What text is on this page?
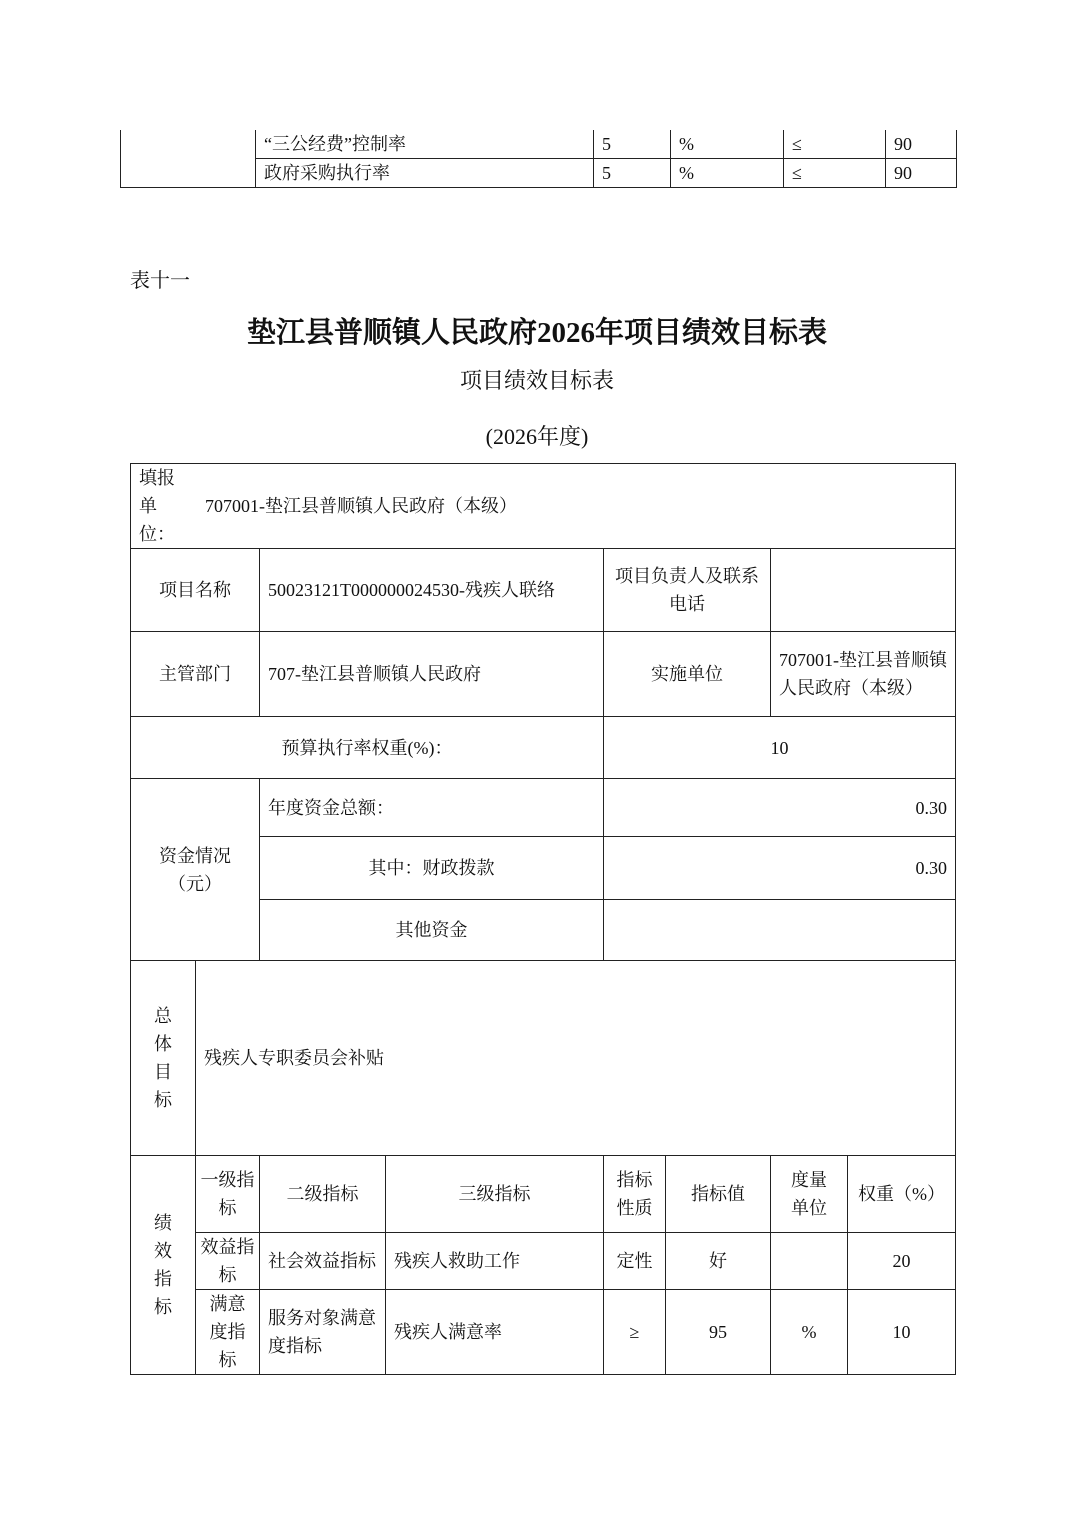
	“三公经费”控制率	5	%	≤	90
	政府采购执行率	5	%	≤	90
表十一
垫江县普顺镇人民政府2026年项目绩效目标表
项目绩效目标表
(2026年度)
填报单位：
707001-垫江县普顺镇人民政府（本级）							

项目名称		50023121T000000024530-残疾人联络		项目负责人及联系电话			
主管部门		707-垫江县普顺镇人民政府		实施单位		707001-垫江县普顺镇人民政府（本级）	
预算执行率权重(%)：				10			
资金情况（元）		年度资金总额：		0.30			
		其中：财政拨款		0.30			
		其他资金					

总体目标	残疾人专职委员会补贴						

绩效指标	一级指标	二级指标	三级指标	指标性质	指标值	度量单位	权重（%）
	效益指标	社会效益指标	残疾人救助工作	定性	好		20
	满意度指标	服务对象满意度指标	残疾人满意率	≥	95	%	10
